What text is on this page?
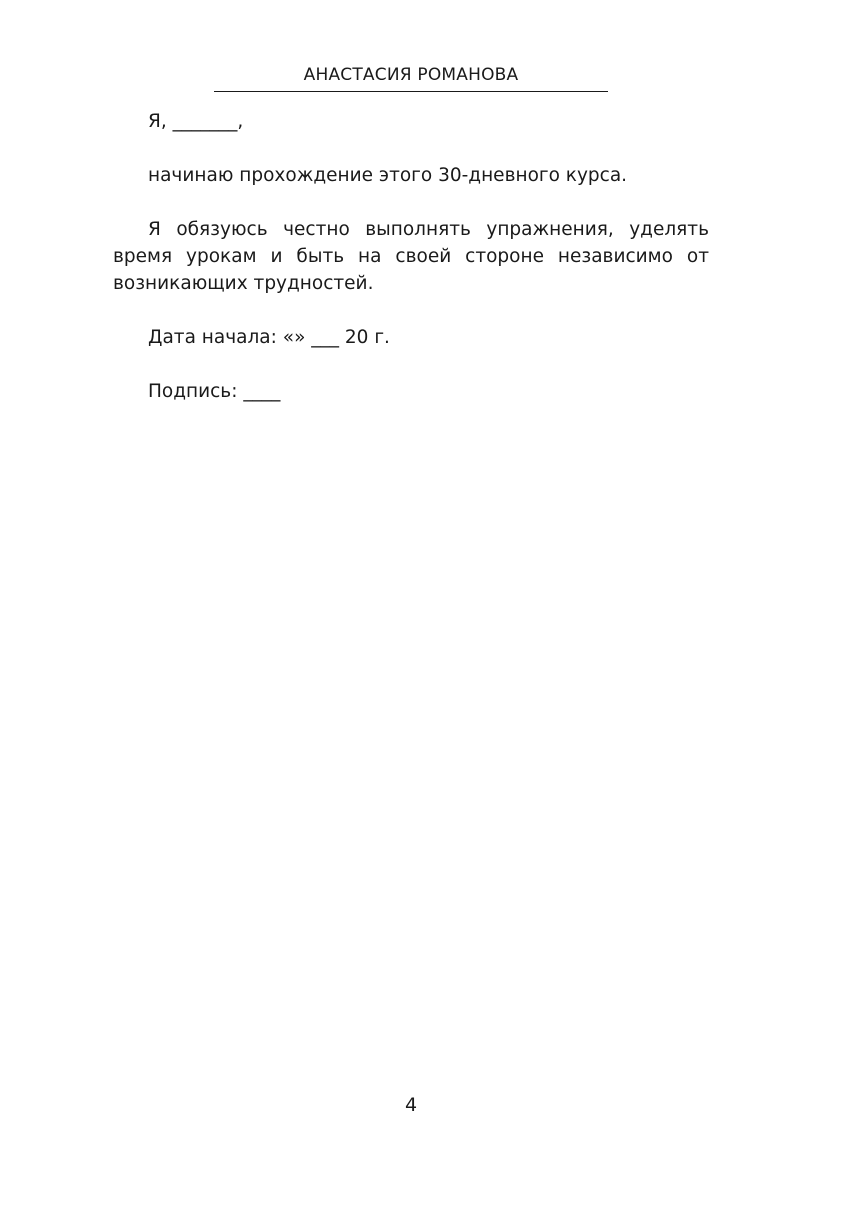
АНАСТАСИЯ РОМАНОВА

Я, _______,

начинаю прохождение этого 30-дневного курса.

Я обязуюсь честно выполнять упражнения, уделять время урокам и быть на своей стороне независимо от возникающих трудностей.

Дата начала: «» ___ 20 г.

Подпись: ____

4
